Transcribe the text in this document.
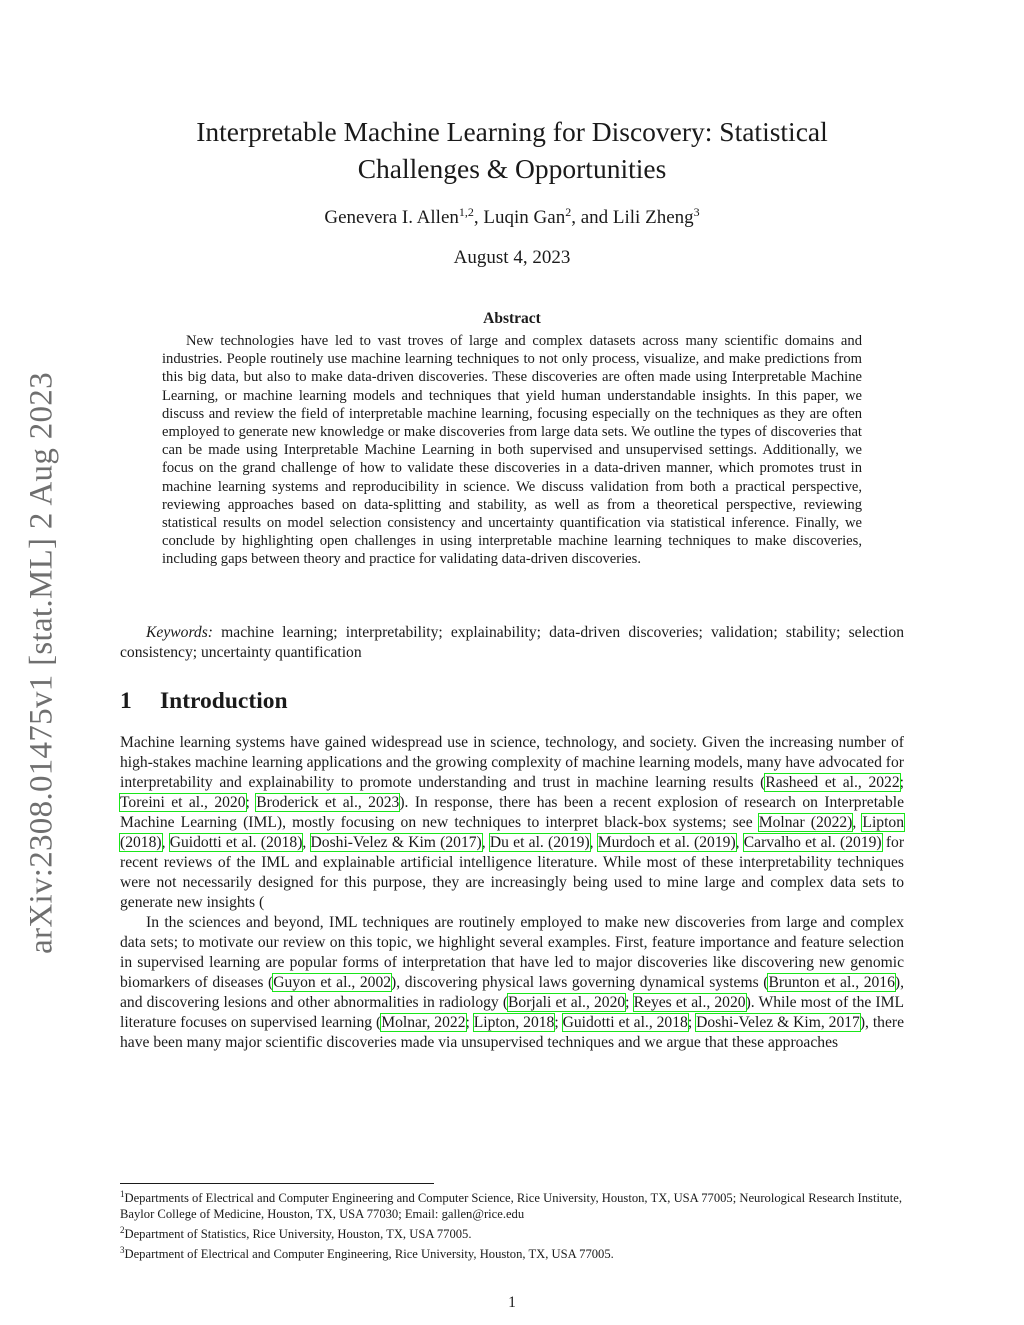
arXiv:2308.01475v1 [stat.ML] 2 Aug 2023
Interpretable Machine Learning for Discovery: Statistical
Challenges & Opportunities
Genevera I. Allen$^{1,2}$, Luqin Gan$^2$, and Lili Zheng$^3$
August 4, 2023
Abstract

New technologies have led to vast troves of large and complex datasets across many scientific domains and industries. People routinely use machine learning techniques to not only process, visualize, and make predictions from this big data, but also to make data-driven discoveries. These discoveries are often made using Interpretable Machine Learning, or machine learning models and techniques that yield human understandable insights. In this paper, we discuss and review the field of interpretable machine learning, focusing especially on the techniques as they are often employed to generate new knowledge or make discoveries from large data sets. We outline the types of discoveries that can be made using Interpretable Machine Learning in both supervised and unsupervised settings. Additionally, we focus on the grand challenge of how to validate these discoveries in a data-driven manner, which promotes trust in machine learning systems and reproducibility in science. We discuss validation from both a practical perspective, reviewing approaches based on data-splitting and stability, as well as from a theoretical perspective, reviewing statistical results on model selection consistency and uncertainty quantification via statistical inference. Finally, we conclude by highlighting open challenges in using interpretable machine learning techniques to make discoveries, including gaps between theory and practice for validating data-driven discoveries.

Keywords: machine learning; interpretability; explainability; data-driven discoveries; validation; stability; selection consistency; uncertainty quantification

1 Introduction

Machine learning systems have gained widespread use in science, technology, and society. Given the increasing number of high-stakes machine learning applications and the growing complexity of machine learning models, many have advocated for interpretability and explainability to promote understanding and trust in machine learning results (Rasheed et al., 2022; Toreini et al., 2020; Broderick et al., 2023). In response, there has been a recent explosion of research on Interpretable Machine Learning (IML), mostly focusing on new techniques to interpret black-box systems; see Molnar (2022), Lipton (2018), Guidotti et al. (2018), Doshi-Velez & Kim (2017), Du et al. (2019), Murdoch et al. (2019), Carvalho et al. (2019) for recent reviews of the IML and explainable artificial intelligence literature. While most of these interpretability techniques were not necessarily designed for this purpose, they are increasingly being used to mine large and complex data sets to generate new insights (

In the sciences and beyond, IML techniques are routinely employed to make new discoveries from large and complex data sets; to motivate our review on this topic, we highlight several examples. First, feature importance and feature selection in supervised learning are popular forms of interpretation that have led to major discoveries like discovering new genomic biomarkers of diseases (Guyon et al., 2002), discovering physical laws governing dynamical systems (Brunton et al., 2016), and discovering lesions and other abnormalities in radiology (Borjali et al., 2020; Reyes et al., 2020). While most of the IML literature focuses on supervised learning (Molnar, 2022; Lipton, 2018; Guidotti et al., 2018; Doshi-Velez & Kim, 2017), there have been many major scientific discoveries made via unsupervised techniques and we argue that these approaches

$^1$Departments of Electrical and Computer Engineering and Computer Science, Rice University, Houston, TX, USA 77005; Neurological Research Institute, Baylor College of Medicine, Houston, TX, USA 77030; Email: gallen@rice.edu
$^2$Department of Statistics, Rice University, Houston, TX, USA 77005.
$^3$Department of Electrical and Computer Engineering, Rice University, Houston, TX, USA 77005.
1
